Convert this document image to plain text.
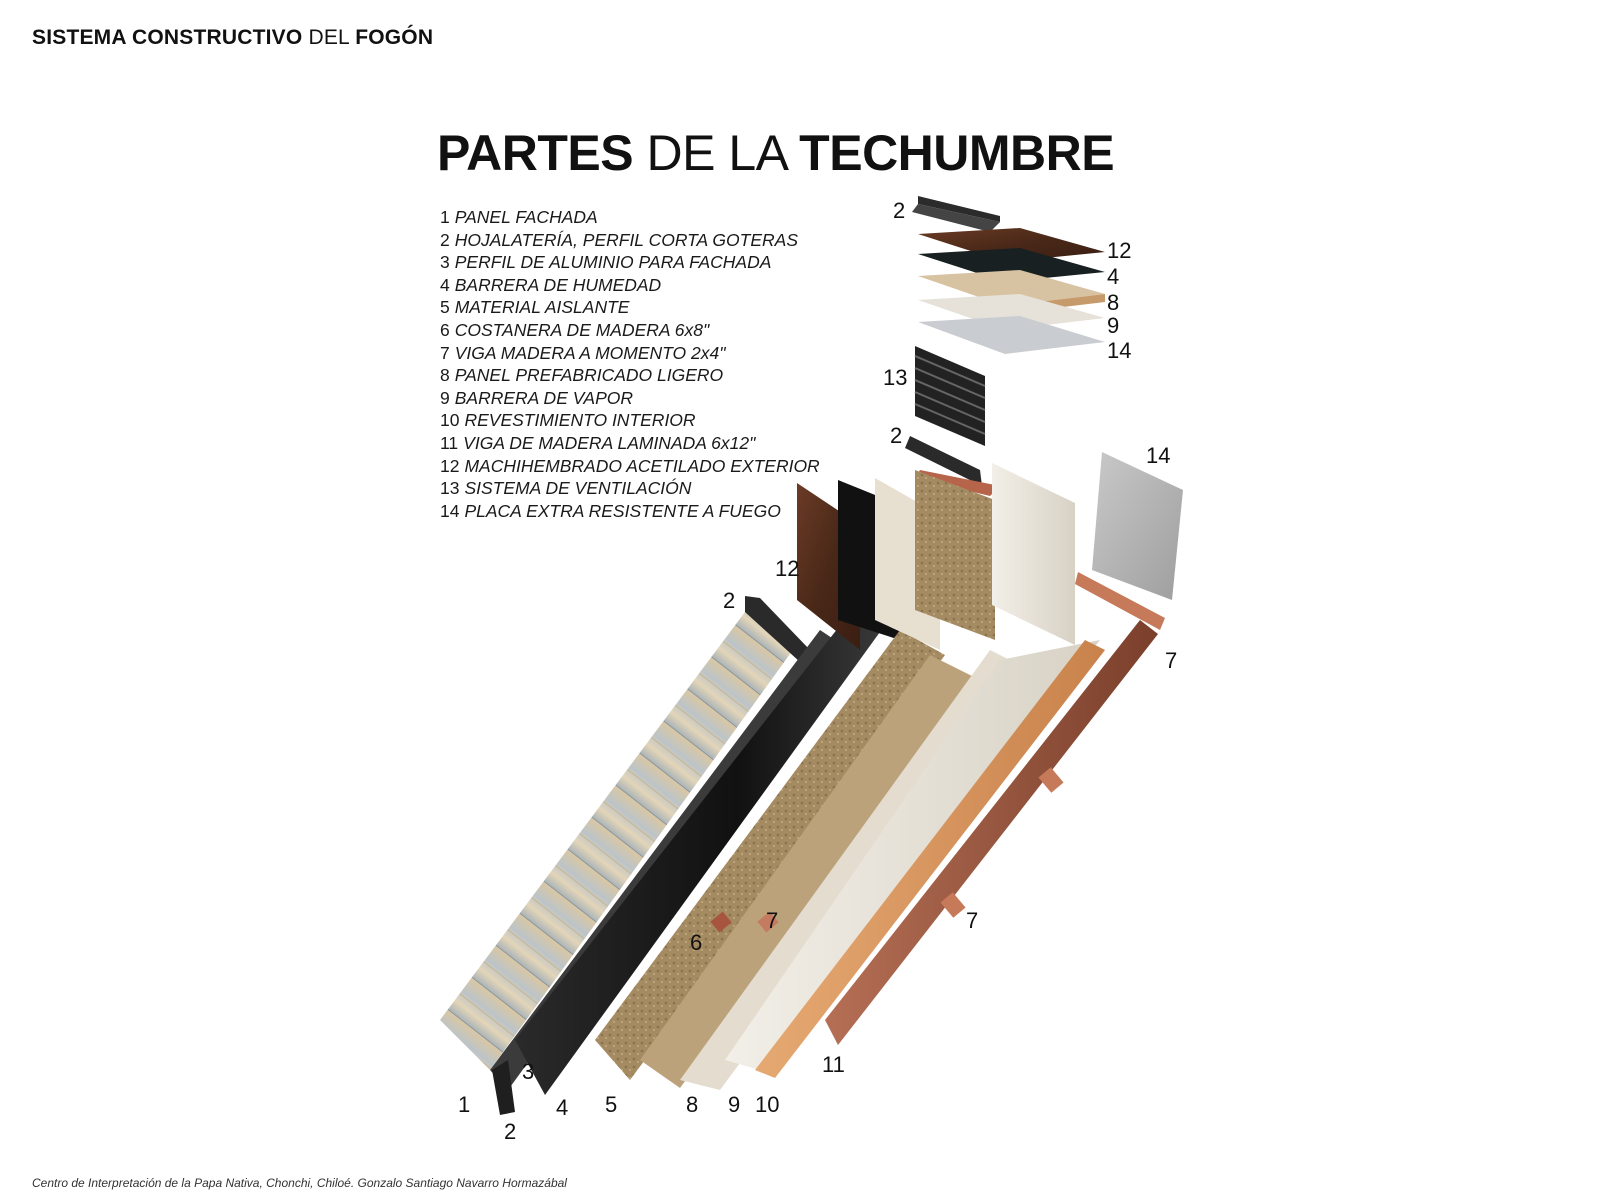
SISTEMA CONSTRUCTIVO DEL FOGÓN
PARTES DE LA TECHUMBRE
1 PANEL FACHADA
2 HOJALATERÍA, PERFIL CORTA GOTERAS
3 PERFIL DE ALUMINIO PARA FACHADA
4 BARRERA DE HUMEDAD
5 MATERIAL AISLANTE
6 COSTANERA DE MADERA 6x8"
7 VIGA MADERA A MOMENTO 2x4"
8 PANEL PREFABRICADO LIGERO
9 BARRERA DE VAPOR
10 REVESTIMIENTO INTERIOR
11 VIGA DE MADERA LAMINADA 6x12"
12 MACHIHEMBRADO ACETILADO EXTERIOR
13 SISTEMA DE VENTILACIÓN
14 PLACA EXTRA RESISTENTE A FUEGO
2
12
4
8
9
14
13
2
14
12
2
7
6
7	7
3	11
1	4 5	8 9 10
2
Centro de Interpretación de la Papa Nativa, Chonchi, Chiloé. Gonzalo Santiago Navarro Hormazábal
